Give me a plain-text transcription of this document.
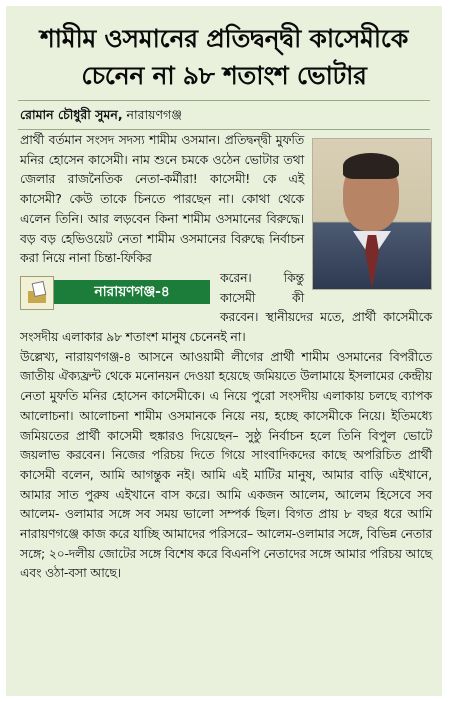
শামীম ওসমানের প্রতিদ্বন্দ্বী কাসেমীকে
চেনেন না ৯৮ শতাংশ ভোটার
রোমান চৌধুরী সুমন, নারায়ণগঞ্জ

প্রার্থী বর্তমান সংসদ সদস্য শামীম ওসমান। প্রতিদ্বন্দ্বী মুফতি মনির হোসেন কাসেমী। নাম শুনে চমকে ওঠেন ভোটার তথা জেলার রাজনৈতিক নেতা-কর্মীরা! কাসেমী! কে এই কাসেমী? কেউ তাকে চিনতে পারছেন না। কোথা থেকে এলেন তিনি। আর লড়বেন কিনা শামীম ওসমানের বিরুদ্ধে। বড় বড় হেভিওয়েট নেতা শামীম ওসমানের বিরুদ্ধে নির্বাচন করা নিয়ে নানা চিন্তা-ফিকির

নারায়ণগঞ্জ-৪

করেন। কিন্তু কাসেমী কী করবেন। স্থানীয়দের মতে, প্রার্থী কাসেমীকে সংসদীয় এলাকার ৯৮ শতাংশ মানুষ চেনেনই না।

উল্লেখ্য, নারায়ণগঞ্জ-৪ আসনে আওয়ামী লীগের প্রার্থী শামীম ওসমানের বিপরীতে জাতীয় ঐক্যফ্রন্ট থেকে মনোনয়ন দেওয়া হয়েছে জমিয়তে উলামায়ে ইসলামের কেন্দ্রীয় নেতা মুফতি মনির হোসেন কাসেমীকে। এ নিয়ে পুরো সংসদীয় এলাকায় চলছে ব্যাপক আলোচনা। আলোচনা শামীম ওসমানকে নিয়ে নয়, হচ্ছে কাসেমীকে নিয়ে। ইতিমধ্যে জমিয়তের প্রার্থী কাসেমী হুঙ্কারও দিয়েছেন– সুষ্ঠু নির্বাচন হলে তিনি বিপুল ভোটে জয়লাভ করবেন। নিজের পরিচয় দিতে গিয়ে সাংবাদিকদের কাছে অপরিচিত প্রার্থী কাসেমী বলেন, আমি আগন্তুক নই। আমি এই মাটির মানুষ, আমার বাড়ি এইখানে, আমার সাত পুরুষ এইখানে বাস করে। আমি একজন আলেম, আলেম হিসেবে সব আলেম- ওলামার সঙ্গে সব সময় ভালো সম্পর্ক ছিল। বিগত প্রায় ৮ বছর ধরে আমি নারায়ণগঞ্জে কাজ করে যাচ্ছি আমাদের পরিসরে– আলেম-ওলামার সঙ্গে, বিভিন্ন নেতার সঙ্গে; ২০-দলীয় জোটের সঙ্গে বিশেষ করে বিএনপি নেতাদের সঙ্গে আমার পরিচয় আছে এবং ওঠা-বসা আছে।
